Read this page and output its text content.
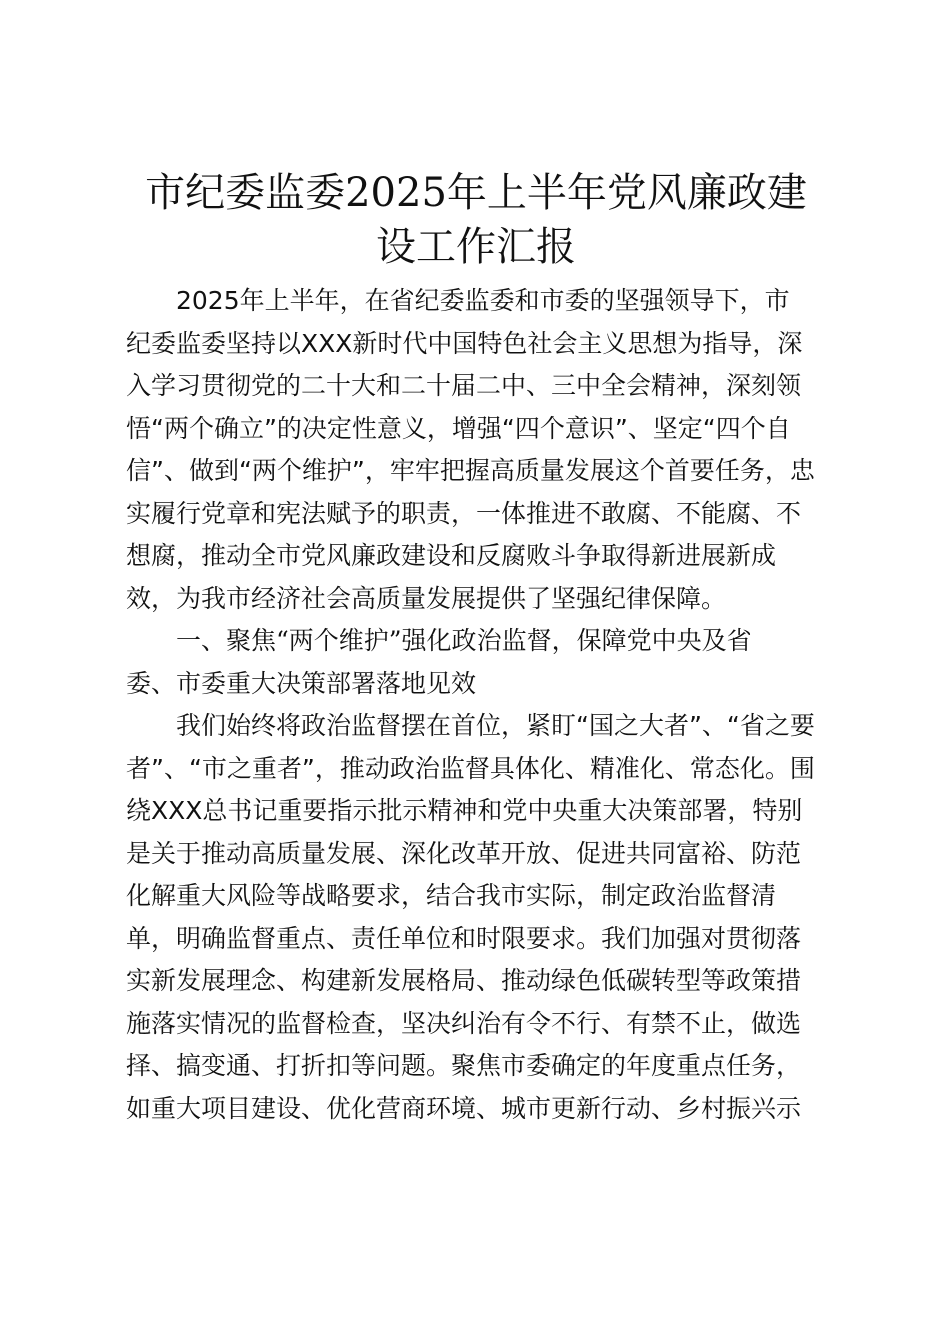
市纪委监委2025年上半年党风廉政建
设工作汇报
2025年上半年，在省纪委监委和市委的坚强领导下，市
纪委监委坚持以XXX新时代中国特色社会主义思想为指导，深
入学习贯彻党的二十大和二十届二中、三中全会精神，深刻领
悟“两个确立”的决定性意义，增强“四个意识”、坚定“四个自
信”、做到“两个维护”，牢牢把握高质量发展这个首要任务，忠
实履行党章和宪法赋予的职责，一体推进不敢腐、不能腐、不
想腐，推动全市党风廉政建设和反腐败斗争取得新进展新成
效，为我市经济社会高质量发展提供了坚强纪律保障。
一、聚焦“两个维护”强化政治监督，保障党中央及省
委、市委重大决策部署落地见效
我们始终将政治监督摆在首位，紧盯“国之大者”、“省之要
者”、“市之重者”，推动政治监督具体化、精准化、常态化。围
绕XXX总书记重要指示批示精神和党中央重大决策部署，特别
是关于推动高质量发展、深化改革开放、促进共同富裕、防范
化解重大风险等战略要求，结合我市实际，制定政治监督清
单，明确监督重点、责任单位和时限要求。我们加强对贯彻落
实新发展理念、构建新发展格局、推动绿色低碳转型等政策措
施落实情况的监督检查，坚决纠治有令不行、有禁不止，做选
择、搞变通、打折扣等问题。聚焦市委确定的年度重点任务，
如重大项目建设、优化营商环境、城市更新行动、乡村振兴示
